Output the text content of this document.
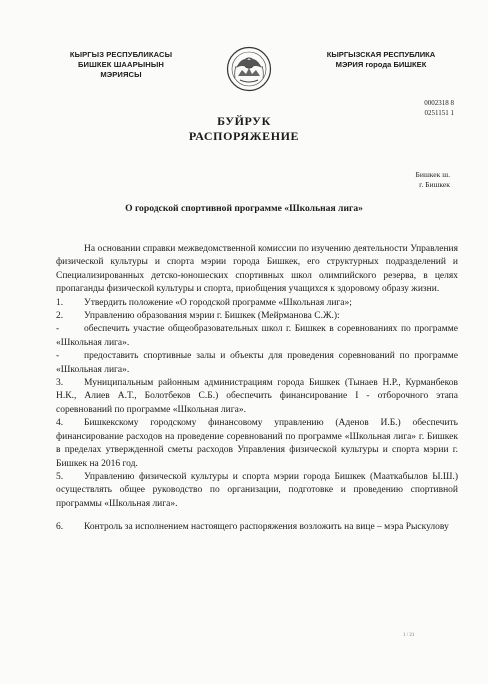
КЫРГЫЗ РЕСПУБЛИКАСЫ
БИШКЕК ШААРЫНЫН
МЭРИЯСЫ
КЫРГЫЗСКАЯ РЕСПУБЛИКА
МЭРИЯ города БИШКЕК
0002318 8
0251151 1
БУЙРУК
РАСПОРЯЖЕНИЕ
Бишкек ш.
г. Бишкек
О городской спортивной программе «Школьная лига»

На основании справки межведомственной комиссии по изучению деятельности Управления физической культуры и спорта мэрии города Бишкек, его структурных подразделений и Специализированных детско-юношеских спортивных школ олимпийского резерва, в целях пропаганды физической культуры и спорта, приобщения учащихся к здоровому образу жизни.

1. Утвердить положение «О городской программе «Школьная лига»;

2. Управлению образования мэрии г. Бишкек (Мейрманова С.Ж.):

-	обеспечить участие общеобразовательных школ г. Бишкек в соревнованиях по программе «Школьная лига».

-	предоставить спортивные залы и объекты для проведения соревнований по программе «Школьная лига».

3. Муниципальным районным администрациям города Бишкек (Тынаев Н.Р., Курманбеков Н.К., Алиев А.Т., Болотбеков С.Б.) обеспечить финансирование I - отборочного этапа соревнований по программе «Школьная лига».

4. Бишкекскому городскому финансовому управлению (Аденов И.Б.) обеспечить финансирование расходов на проведение соревнований по программе «Школьная лига» г. Бишкек в пределах утвержденной сметы расходов Управления физической культуры и спорта мэрии г. Бишкек на 2016 год.

5. Управлению физической культуры и спорта мэрии города Бишкек (Мааткабылов Ы.Ш.) осуществлять общее руководство по организации, подготовке и проведению спортивной программы «Школьная лига».

6. Контроль за исполнением настоящего распоряжения возложить на вице – мэра Рыскулову

1 / 21
